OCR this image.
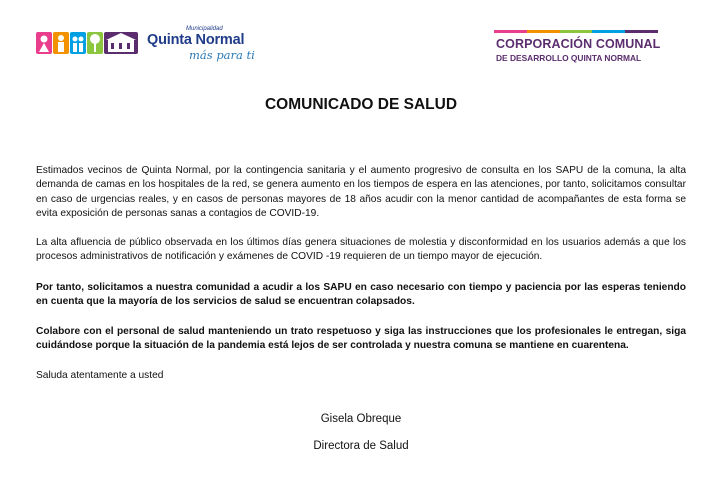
Municipalidad
Quinta Normal
más para ti
CORPORACIÓN COMUNAL
DE DESARROLLO QUINTA NORMAL
COMUNICADO DE SALUD

Estimados vecinos de Quinta Normal, por la contingencia sanitaria y el aumento progresivo de consulta en los SAPU de la comuna, la alta demanda de camas en los hospitales de la red, se genera aumento en los tiempos de espera en las atenciones, por tanto, solicitamos consultar en caso de urgencias reales, y en casos de personas mayores de 18 años acudir con la menor cantidad de acompañantes de esta forma se evita exposición de personas sanas a contagios de COVID-19.

La alta afluencia de público observada en los últimos días genera situaciones de molestia y disconformidad en los usuarios además a que los procesos administrativos de notificación y exámenes de COVID -19 requieren de un tiempo mayor de ejecución.

Por tanto, solicitamos a nuestra comunidad a acudir a los SAPU en caso necesario con tiempo y paciencia por las esperas teniendo en cuenta que la mayoría de los servicios de salud se encuentran colapsados.

Colabore con el personal de salud manteniendo un trato respetuoso y siga las instrucciones que los profesionales le entregan, siga cuidándose porque la situación de la pandemia está lejos de ser controlada y nuestra comuna se mantiene en cuarentena.

Saluda atentamente a usted

Gisela Obreque

Directora de Salud
